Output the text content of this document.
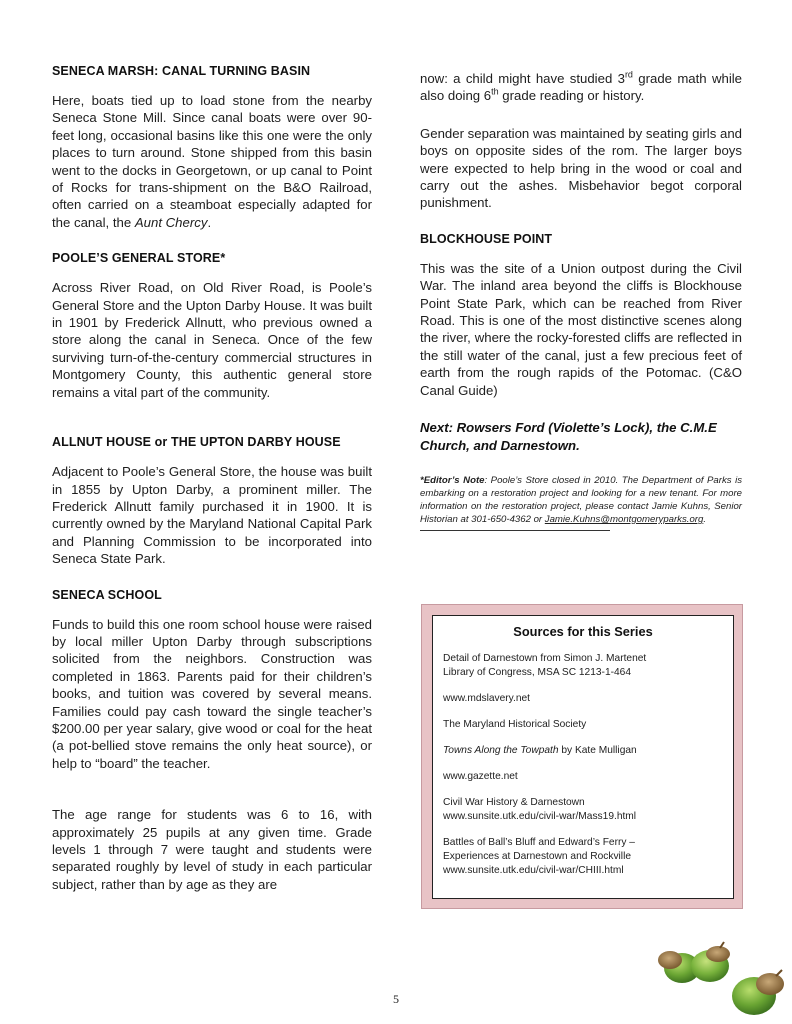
SENECA MARSH: CANAL TURNING BASIN

Here, boats tied up to load stone from the nearby Seneca Stone Mill. Since canal boats were over 90-feet long, occasional basins like this one were the only places to turn around. Stone shipped from this basin went to the docks in Georgetown, or up canal to Point of Rocks for trans-shipment on the B&O Railroad, often carried on a steamboat especially adapted for the canal, the Aunt Chercy.

POOLE’S GENERAL STORE*

Across River Road, on Old River Road, is Poole’s General Store and the Upton Darby House. It was built in 1901 by Frederick Allnutt, who previous owned a store along the canal in Seneca. Once of the few surviving turn-of-the-century commercial structures in Montgomery County, this authentic general store remains a vital part of the community.

ALLNUT HOUSE or THE UPTON DARBY HOUSE

Adjacent to Poole’s General Store, the house was built in 1855 by Upton Darby, a prominent miller. The Frederick Allnutt family purchased it in 1900. It is currently owned by the Maryland National Capital Park and Planning Commission to be incorporated into Seneca State Park.

SENECA SCHOOL

Funds to build this one room school house were raised by local miller Upton Darby through subscriptions solicited from the neighbors. Construction was completed in 1863. Parents paid for their children’s books, and tuition was covered by several means. Families could pay cash toward the single teacher’s $200.00 per year salary, give wood or coal for the heat (a pot-bellied stove remains the only heat source), or help to “board” the teacher.

The age range for students was 6 to 16, with approximately 25 pupils at any given time. Grade levels 1 through 7 were taught and students were separated roughly by level of study in each particular subject, rather than by age as they are

now: a child might have studied 3rd grade math while also doing 6th grade reading or history.

Gender separation was maintained by seating girls and boys on opposite sides of the rom. The larger boys were expected to help bring in the wood or coal and carry out the ashes. Misbehavior begot corporal punishment.

BLOCKHOUSE POINT

This was the site of a Union outpost during the Civil War. The inland area beyond the cliffs is Blockhouse Point State Park, which can be reached from River Road. This is one of the most distinctive scenes along the river, where the rocky-forested cliffs are reflected in the still water of the canal, just a few precious feet of earth from the rough rapids of the Potomac. (C&O Canal Guide)

Next: Rowsers Ford (Violette’s Lock), the C.M.E Church, and Darnestown.

*Editor’s Note: Poole’s Store closed in 2010. The Department of Parks is embarking on a restoration project and looking for a new tenant. For more information on the restoration project, please contact Jamie Kuhns, Senior Historian at 301-650-4362 or Jamie.Kuhns@montgomeryparks.org.

Sources for this Series
Detail of Darnestown from Simon J. Martenet
Library of Congress, MSA SC 1213-1-464
www.mdslavery.net
The Maryland Historical Society
Towns Along the Towpath by Kate Mulligan
www.gazette.net
Civil War History & Darnestown
www.sunsite.utk.edu/civil-war/Mass19.html
Battles of Ball’s Bluff and Edward’s Ferry –
Experiences at Darnestown and Rockville
www.sunsite.utk.edu/civil-war/CHIII.html
5
